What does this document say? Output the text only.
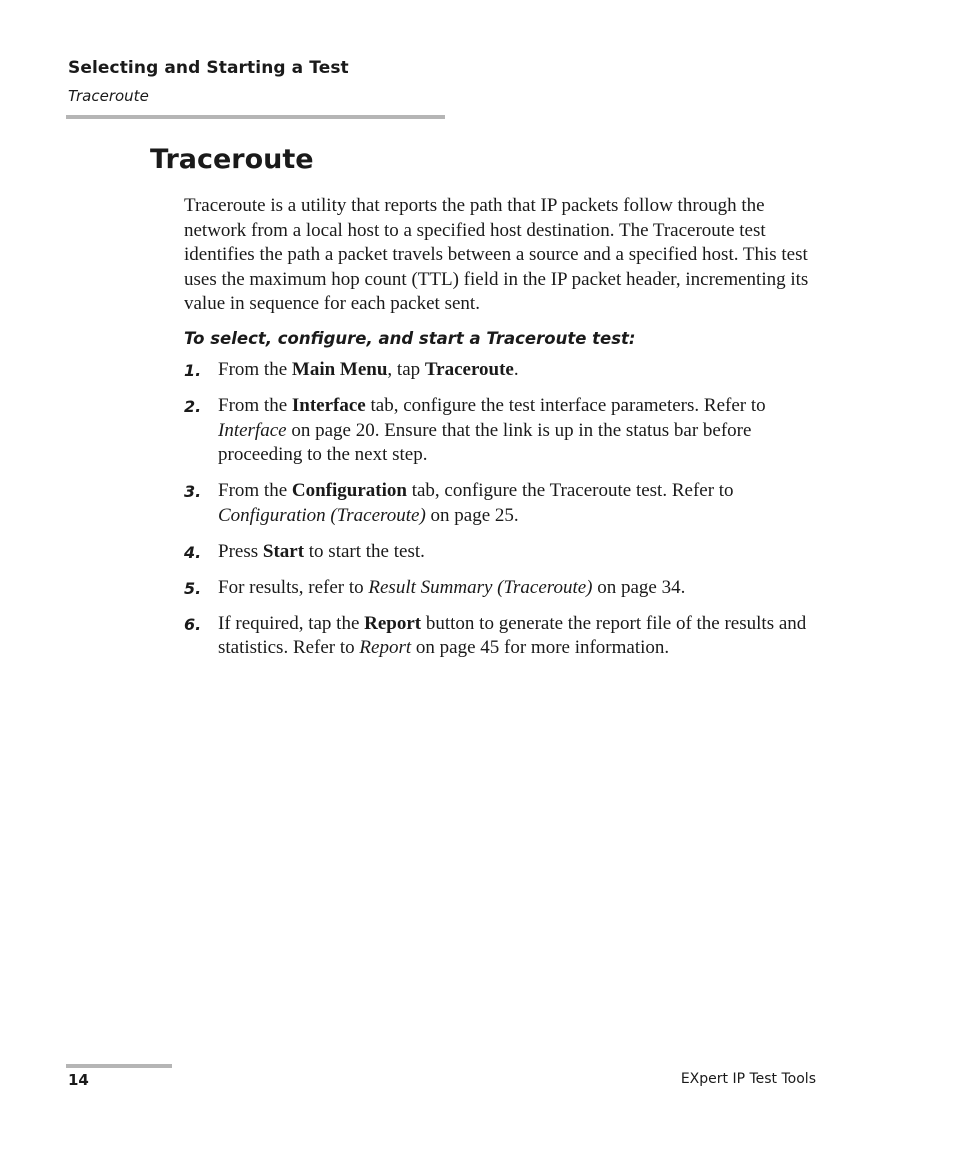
Selecting and Starting a Test
Traceroute
Traceroute

Traceroute is a utility that reports the path that IP packets follow through the network from a local host to a specified host destination. The Traceroute test identifies the path a packet travels between a source and a specified host. This test uses the maximum hop count (TTL) field in the IP packet header, incrementing its value in sequence for each packet sent.

To select, configure, and start a Traceroute test:

1. From the Main Menu, tap Traceroute.
2. From the Interface tab, configure the test interface parameters. Refer to Interface on page 20. Ensure that the link is up in the status bar before proceeding to the next step.
3. From the Configuration tab, configure the Traceroute test. Refer to Configuration (Traceroute) on page 25.
4. Press Start to start the test.
5. For results, refer to Result Summary (Traceroute) on page 34.
6. If required, tap the Report button to generate the report file of the results and statistics. Refer to Report on page 45 for more information.
14	EXpert IP Test Tools
